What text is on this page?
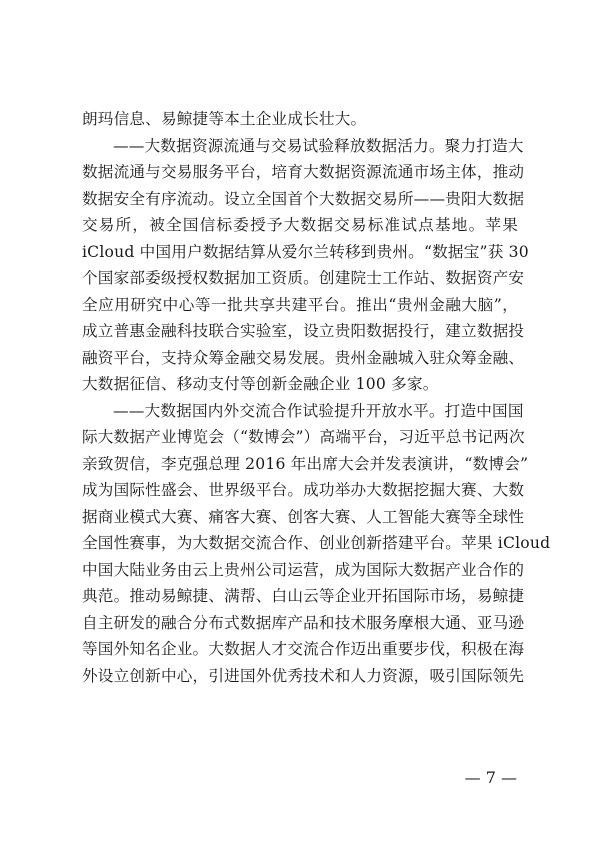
朗玛信息、易鲸捷等本土企业成长壮大。
——大数据资源流通与交易试验释放数据活力。聚力打造大
数据流通与交易服务平台，培育大数据资源流通市场主体，推动
数据安全有序流动。设立全国首个大数据交易所——贵阳大数据
交易所，被全国信标委授予大数据交易标准试点基地。苹果
iCloud 中国用户数据结算从爱尔兰转移到贵州。“数据宝”获 30
个国家部委级授权数据加工资质。创建院士工作站、数据资产安
全应用研究中心等一批共享共建平台。推出“贵州金融大脑”，
成立普惠金融科技联合实验室，设立贵阳数据投行，建立数据投
融资平台，支持众筹金融交易发展。贵州金融城入驻众筹金融、
大数据征信、移动支付等创新金融企业 100 多家。
——大数据国内外交流合作试验提升开放水平。打造中国国
际大数据产业博览会（“数博会”）高端平台，习近平总书记两次
亲致贺信，李克强总理 2016 年出席大会并发表演讲，“数博会”
成为国际性盛会、世界级平台。成功举办大数据挖掘大赛、大数
据商业模式大赛、痛客大赛、创客大赛、人工智能大赛等全球性
全国性赛事，为大数据交流合作、创业创新搭建平台。苹果 iCloud
中国大陆业务由云上贵州公司运营，成为国际大数据产业合作的
典范。推动易鲸捷、满帮、白山云等企业开拓国际市场，易鲸捷
自主研发的融合分布式数据库产品和技术服务摩根大通、亚马逊
等国外知名企业。大数据人才交流合作迈出重要步伐，积极在海
外设立创新中心，引进国外优秀技术和人力资源，吸引国际领先
— 7 —
